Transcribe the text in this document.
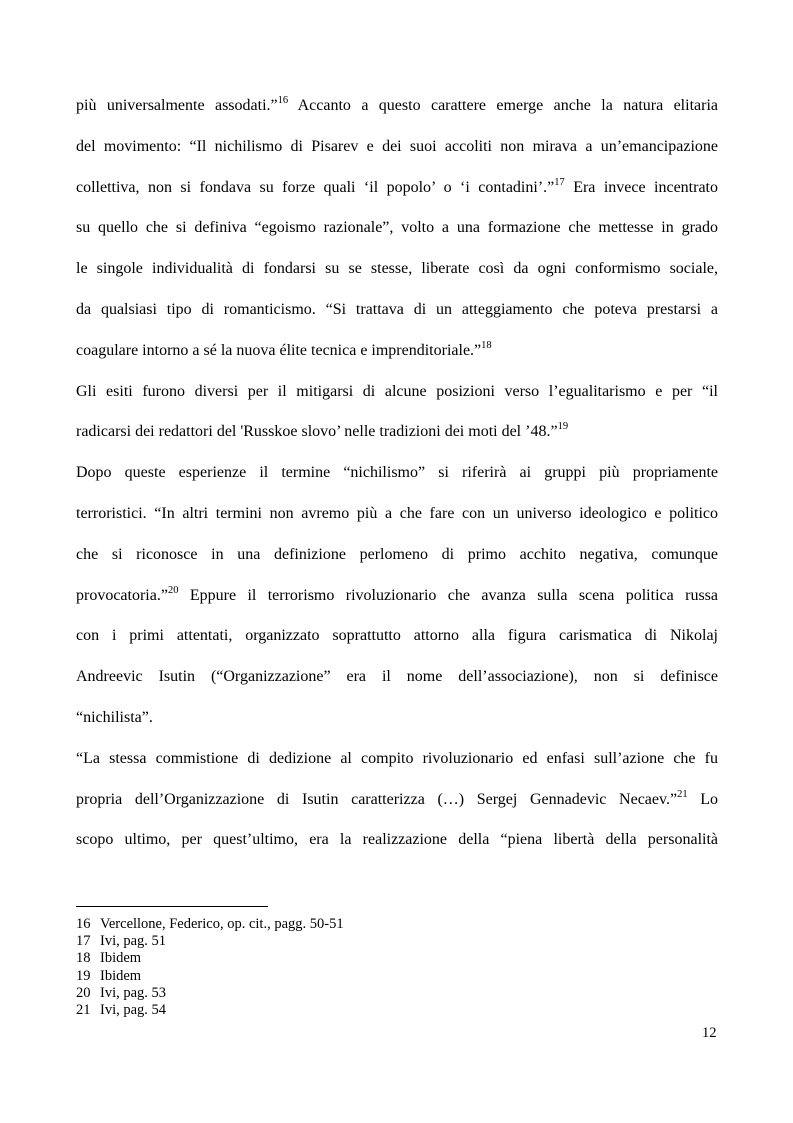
più universalmente assodati.”$^{16}$ Accanto a questo carattere emerge anche la natura elitaria
del movimento: “Il nichilismo di Pisarev e dei suoi accoliti non mirava a un’emancipazione
collettiva, non si fondava su forze quali ‘il popolo’ o ‘i contadini’.”$^{17}$ Era invece incentrato
su quello che si definiva “egoismo razionale”, volto a una formazione che mettesse in grado
le singole individualità di fondarsi su se stesse, liberate così da ogni conformismo sociale,
da qualsiasi tipo di romanticismo. “Si trattava di un atteggiamento che poteva prestarsi a
coagulare intorno a sé la nuova élite tecnica e imprenditoriale.”$^{18}$
Gli esiti furono diversi per il mitigarsi di alcune posizioni verso l’egualitarismo e per “il
radicarsi dei redattori del 'Russkoe slovo’ nelle tradizioni dei moti del ’48.”$^{19}$
Dopo queste esperienze il termine “nichilismo” si riferirà ai gruppi più propriamente
terroristici. “In altri termini non avremo più a che fare con un universo ideologico e politico
che si riconosce in una definizione perlomeno di primo acchito negativa, comunque
provocatoria.”$^{20}$ Eppure il terrorismo rivoluzionario che avanza sulla scena politica russa
con i primi attentati, organizzato soprattutto attorno alla figura carismatica di Nikolaj
Andreevic Isutin (“Organizzazione” era il nome dell’associazione), non si definisce
“nichilista”.
“La stessa commistione di dedizione al compito rivoluzionario ed enfasi sull’azione che fu
propria dell’Organizzazione di Isutin caratterizza (…) Sergej Gennadevic Necaev.”$^{21}$ Lo
scopo ultimo, per quest’ultimo, era la realizzazione della “piena libertà della personalità
16 Vercellone, Federico, op. cit., pagg. 50-51
17 Ivi, pag. 51
18 Ibidem
19 Ibidem
20 Ivi, pag. 53
21 Ivi, pag. 54
12
